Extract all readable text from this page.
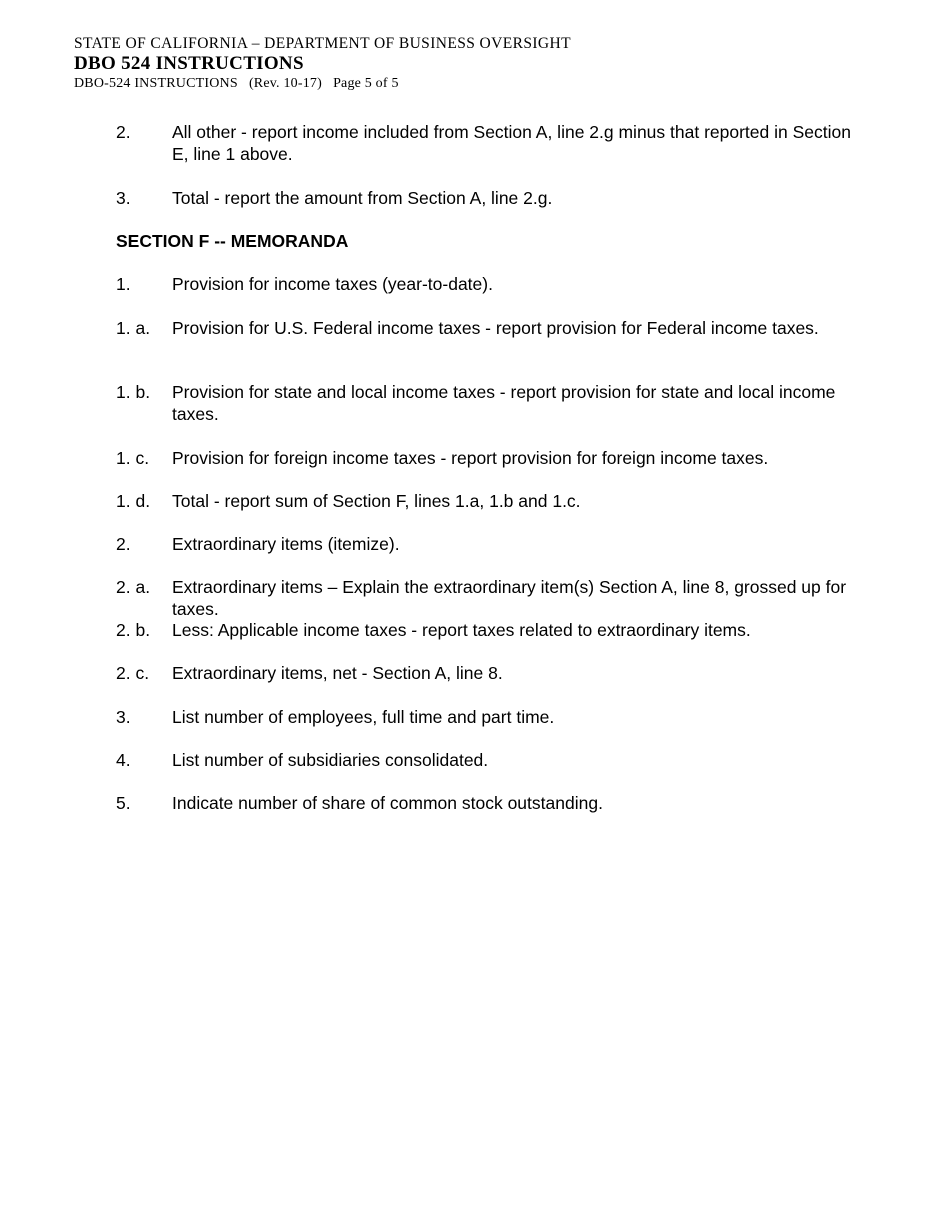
STATE OF CALIFORNIA – DEPARTMENT OF BUSINESS OVERSIGHT
DBO 524 INSTRUCTIONS
DBO-524 INSTRUCTIONS   (Rev. 10-17)   Page 5 of 5
2.	All other - report income included from Section A, line 2.g minus that reported in Section E, line 1 above.
3.	Total - report the amount from Section A, line 2.g.
SECTION F -- MEMORANDA
1.	Provision for income taxes (year-to-date).
1. a.	Provision for U.S. Federal income taxes - report provision for Federal income taxes.
1. b.	Provision for state and local income taxes - report provision for state and local income taxes.
1. c.	Provision for foreign income taxes - report provision for foreign income taxes.
1. d.	Total - report sum of Section F, lines 1.a, 1.b and 1.c.
2.	Extraordinary items (itemize).
2. a.	Extraordinary items – Explain the extraordinary item(s) Section A, line 8, grossed up for taxes.
2. b.	Less: Applicable income taxes - report taxes related to extraordinary items.
2. c.	Extraordinary items, net - Section A, line 8.
3.	List number of employees, full time and part time.
4.	List number of subsidiaries consolidated.
5.	Indicate number of share of common stock outstanding.
